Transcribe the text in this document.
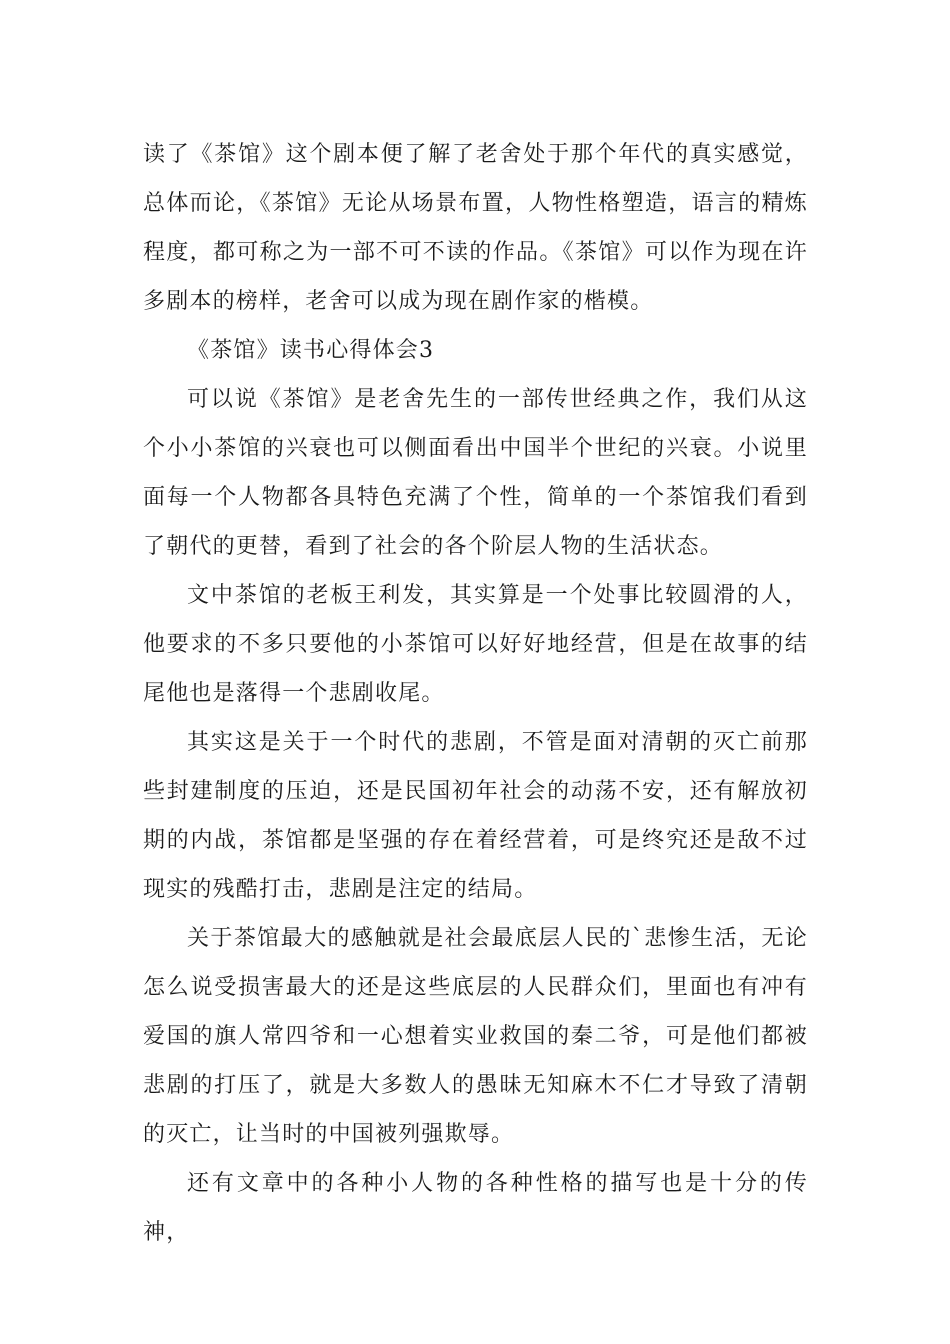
读了《茶馆》这个剧本便了解了老舍处于那个年代的真实感觉，总体而论，《茶馆》无论从场景布置，人物性格塑造，语言的精炼程度，都可称之为一部不可不读的作品。《茶馆》可以作为现在许多剧本的榜样，老舍可以成为现在剧作家的楷模。

《茶馆》读书心得体会3

可以说《茶馆》是老舍先生的一部传世经典之作，我们从这个小小茶馆的兴衰也可以侧面看出中国半个世纪的兴衰。小说里面每一个人物都各具特色充满了个性，简单的一个茶馆我们看到了朝代的更替，看到了社会的各个阶层人物的生活状态。

文中茶馆的老板王利发，其实算是一个处事比较圆滑的人，他要求的不多只要他的小茶馆可以好好地经营，但是在故事的结尾他也是落得一个悲剧收尾。

其实这是关于一个时代的悲剧，不管是面对清朝的灭亡前那些封建制度的压迫，还是民国初年社会的动荡不安，还有解放初期的内战，茶馆都是坚强的存在着经营着，可是终究还是敌不过现实的残酷打击，悲剧是注定的结局。

关于茶馆最大的感触就是社会最底层人民的`悲惨生活，无论怎么说受损害最大的还是这些底层的人民群众们，里面也有冲有爱国的旗人常四爷和一心想着实业救国的秦二爷，可是他们都被悲剧的打压了，就是大多数人的愚昧无知麻木不仁才导致了清朝的灭亡，让当时的中国被列强欺辱。

还有文章中的各种小人物的各种性格的描写也是十分的传神，
